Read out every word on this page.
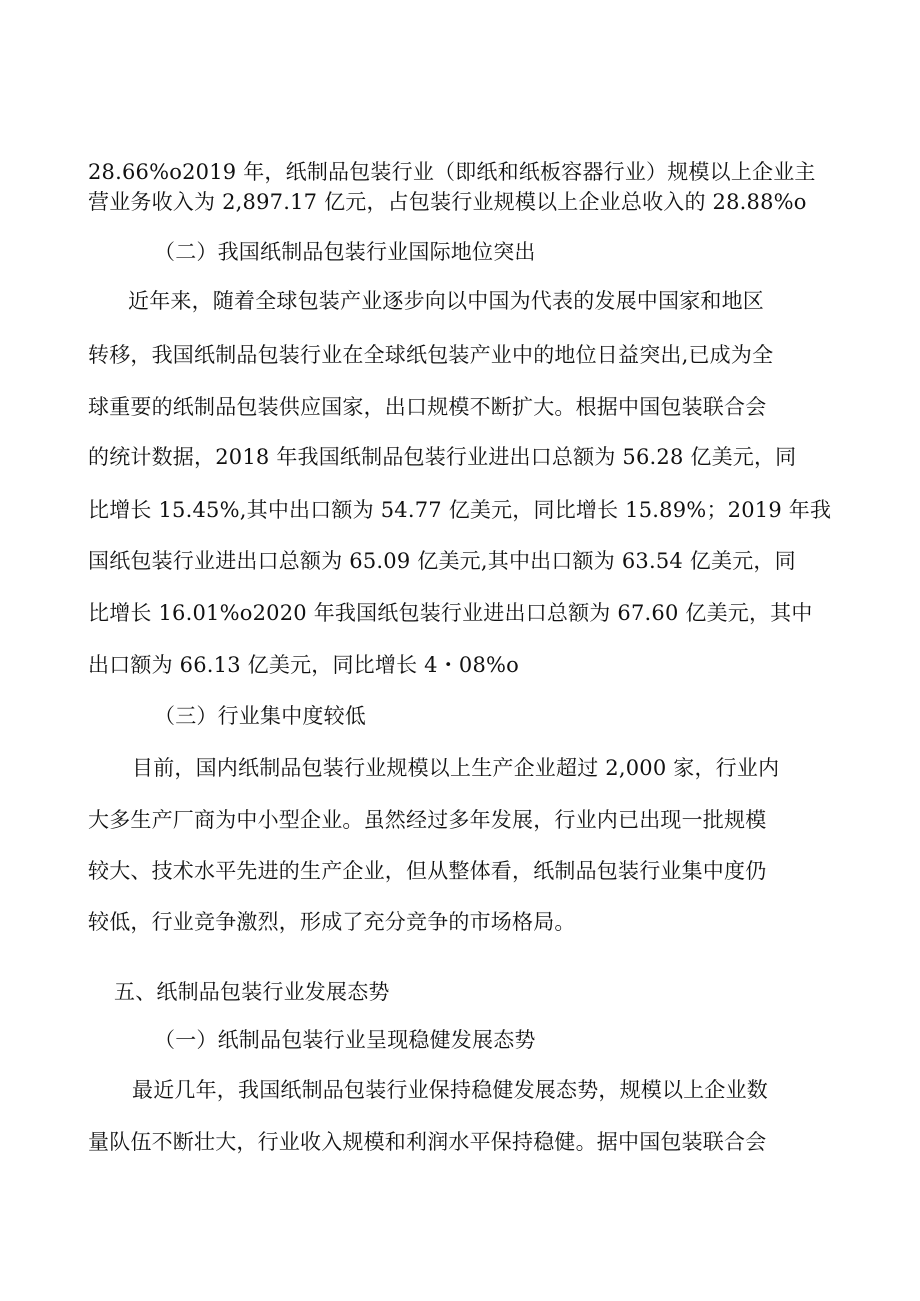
28.66%o2019 年，纸制品包装行业（即纸和纸板容器行业）规模以上企业主
营业务收入为 2,897.17 亿元，占包装行业规模以上企业总收入的 28.88%o
（二）我国纸制品包装行业国际地位突出
近年来，随着全球包装产业逐步向以中国为代表的发展中国家和地区
转移，我国纸制品包装行业在全球纸包装产业中的地位日益突出,已成为全
球重要的纸制品包装供应国家，出口规模不断扩大。根据中国包装联合会
的统计数据，2018 年我国纸制品包装行业进出口总额为 56.28 亿美元，同
比增长 15.45%,其中出口额为 54.77 亿美元，同比增长 15.89%；2019 年我
国纸包装行业进出口总额为 65.09 亿美元,其中出口额为 63.54 亿美元，同
比增长 16.01%o2020 年我国纸包装行业进出口总额为 67.60 亿美元，其中
出口额为 66.13 亿美元，同比增长 4・08%o
（三）行业集中度较低
目前，国内纸制品包装行业规模以上生产企业超过 2,000 家，行业内
大多生产厂商为中小型企业。虽然经过多年发展，行业内已出现一批规模
较大、技术水平先进的生产企业，但从整体看，纸制品包装行业集中度仍
较低，行业竞争激烈，形成了充分竞争的市场格局。
五、纸制品包装行业发展态势
（一）纸制品包装行业呈现稳健发展态势
最近几年，我国纸制品包装行业保持稳健发展态势，规模以上企业数
量队伍不断壮大，行业收入规模和利润水平保持稳健。据中国包装联合会
